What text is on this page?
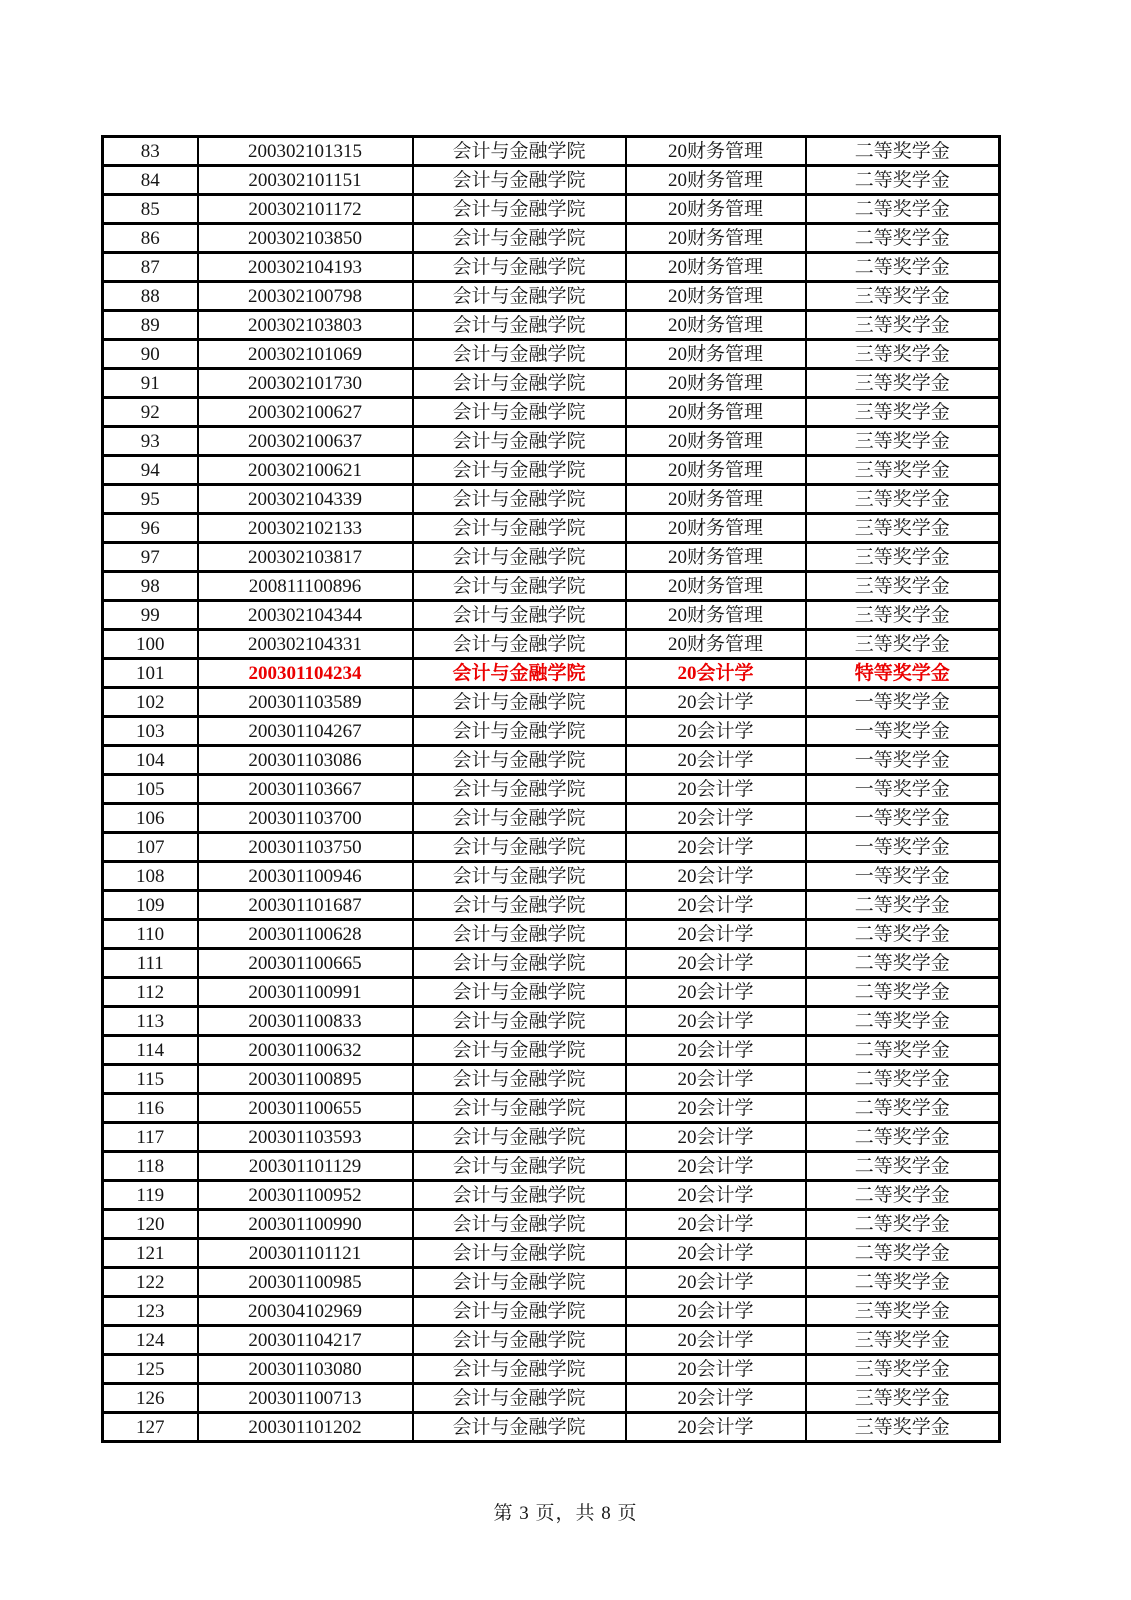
83	200302101315	会计与金融学院	20财务管理	二等奖学金
84	200302101151	会计与金融学院	20财务管理	二等奖学金
85	200302101172	会计与金融学院	20财务管理	二等奖学金
86	200302103850	会计与金融学院	20财务管理	二等奖学金
87	200302104193	会计与金融学院	20财务管理	二等奖学金
88	200302100798	会计与金融学院	20财务管理	三等奖学金
89	200302103803	会计与金融学院	20财务管理	三等奖学金
90	200302101069	会计与金融学院	20财务管理	三等奖学金
91	200302101730	会计与金融学院	20财务管理	三等奖学金
92	200302100627	会计与金融学院	20财务管理	三等奖学金
93	200302100637	会计与金融学院	20财务管理	三等奖学金
94	200302100621	会计与金融学院	20财务管理	三等奖学金
95	200302104339	会计与金融学院	20财务管理	三等奖学金
96	200302102133	会计与金融学院	20财务管理	三等奖学金
97	200302103817	会计与金融学院	20财务管理	三等奖学金
98	200811100896	会计与金融学院	20财务管理	三等奖学金
99	200302104344	会计与金融学院	20财务管理	三等奖学金
100	200302104331	会计与金融学院	20财务管理	三等奖学金
101	200301104234	会计与金融学院	20会计学	特等奖学金
102	200301103589	会计与金融学院	20会计学	一等奖学金
103	200301104267	会计与金融学院	20会计学	一等奖学金
104	200301103086	会计与金融学院	20会计学	一等奖学金
105	200301103667	会计与金融学院	20会计学	一等奖学金
106	200301103700	会计与金融学院	20会计学	一等奖学金
107	200301103750	会计与金融学院	20会计学	一等奖学金
108	200301100946	会计与金融学院	20会计学	一等奖学金
109	200301101687	会计与金融学院	20会计学	二等奖学金
110	200301100628	会计与金融学院	20会计学	二等奖学金
111	200301100665	会计与金融学院	20会计学	二等奖学金
112	200301100991	会计与金融学院	20会计学	二等奖学金
113	200301100833	会计与金融学院	20会计学	二等奖学金
114	200301100632	会计与金融学院	20会计学	二等奖学金
115	200301100895	会计与金融学院	20会计学	二等奖学金
116	200301100655	会计与金融学院	20会计学	二等奖学金
117	200301103593	会计与金融学院	20会计学	二等奖学金
118	200301101129	会计与金融学院	20会计学	二等奖学金
119	200301100952	会计与金融学院	20会计学	二等奖学金
120	200301100990	会计与金融学院	20会计学	二等奖学金
121	200301101121	会计与金融学院	20会计学	二等奖学金
122	200301100985	会计与金融学院	20会计学	二等奖学金
123	200304102969	会计与金融学院	20会计学	三等奖学金
124	200301104217	会计与金融学院	20会计学	三等奖学金
125	200301103080	会计与金融学院	20会计学	三等奖学金
126	200301100713	会计与金融学院	20会计学	三等奖学金
127	200301101202	会计与金融学院	20会计学	三等奖学金
第 3 页，共 8 页
